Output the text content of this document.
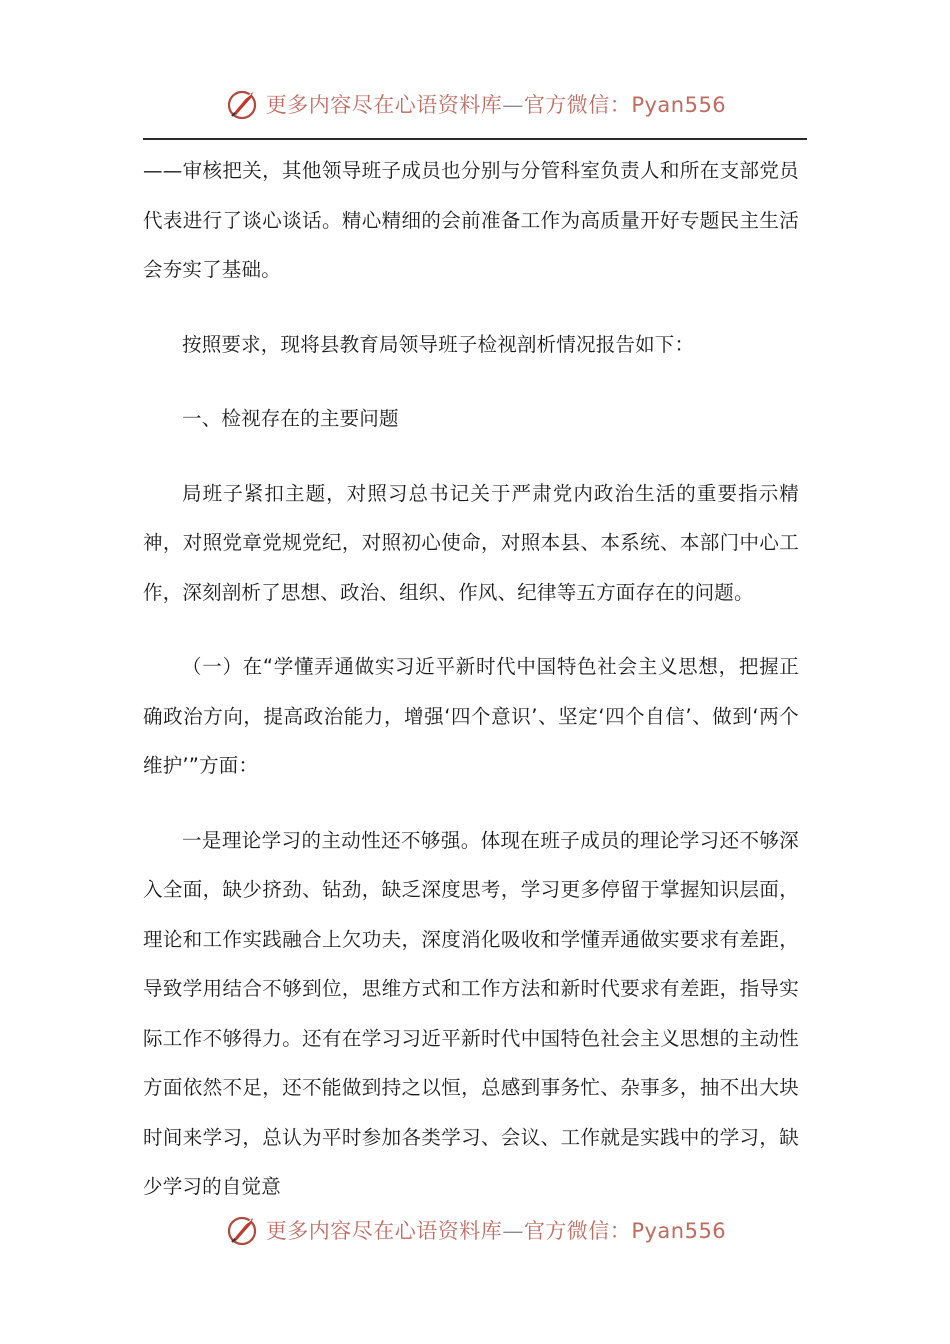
更多内容尽在心语资料库—官方微信：Pyan556

——审核把关，其他领导班子成员也分别与分管科室负责人和所在支部党员代表进行了谈心谈话。精心精细的会前准备工作为高质量开好专题民主生活会夯实了基础。

按照要求，现将县教育局领导班子检视剖析情况报告如下：

一、检视存在的主要问题

局班子紧扣主题，对照习总书记关于严肃党内政治生活的重要指示精神，对照党章党规党纪，对照初心使命，对照本县、本系统、本部门中心工作，深刻剖析了思想、政治、组织、作风、纪律等五方面存在的问题。

（一）在“学懂弄通做实习近平新时代中国特色社会主义思想，把握正确政治方向，提高政治能力，增强‘四个意识’、坚定‘四个自信’、做到‘两个维护’”方面：

一是理论学习的主动性还不够强。体现在班子成员的理论学习还不够深入全面，缺少挤劲、钻劲，缺乏深度思考，学习更多停留于掌握知识层面，理论和工作实践融合上欠功夫，深度消化吸收和学懂弄通做实要求有差距，导致学用结合不够到位，思维方式和工作方法和新时代要求有差距，指导实际工作不够得力。还有在学习习近平新时代中国特色社会主义思想的主动性方面依然不足，还不能做到持之以恒，总感到事务忙、杂事多，抽不出大块时间来学习，总认为平时参加各类学习、会议、工作就是实践中的学习，缺少学习的自觉意

更多内容尽在心语资料库—官方微信：Pyan556
